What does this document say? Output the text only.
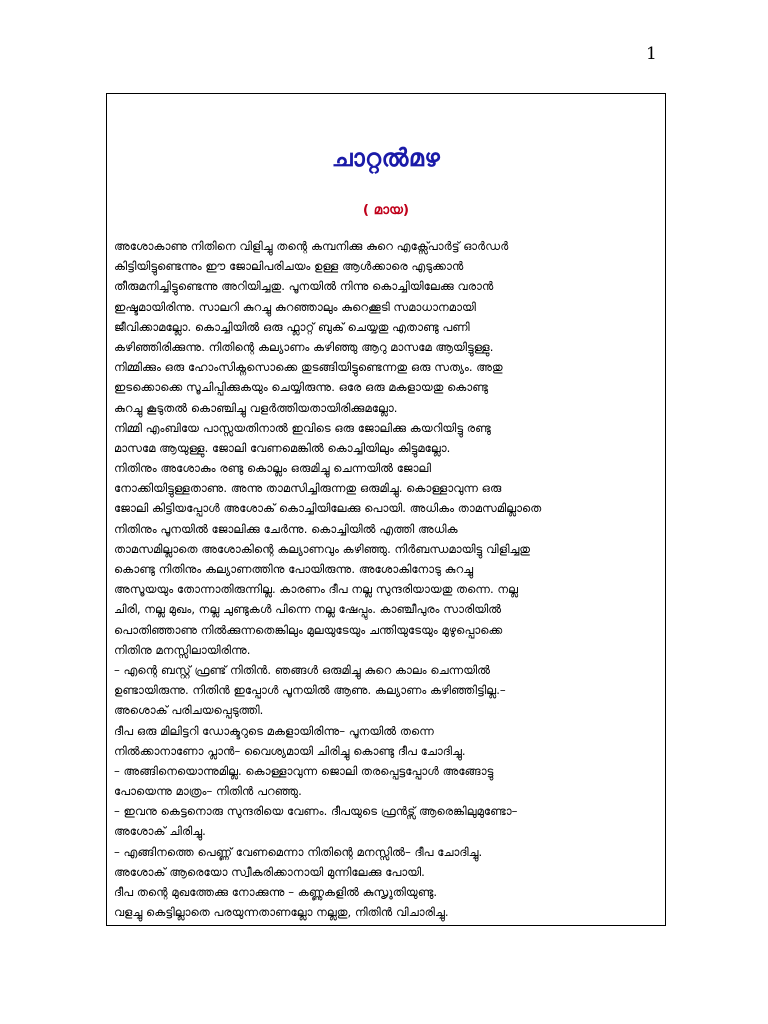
1
ചാറ്റൽമഴ
( മായ)
അശോകാണു നിതിനെ വിളിച്ചു തന്റെ കമ്പനിക്കു കുറെ എക്സ്പോർട്ട് ഓർഡർ
കിട്ടിയിട്ടുണ്ടെന്നും ഈ ജോലിപരിചയം ഉള്ള ആൾക്കാരെ എടുക്കാൻ
തീരുമനിച്ചിട്ടുണ്ടെന്നു അറിയിച്ചതു. പൂനയിൽ നിന്നു കൊച്ചിയിലേക്കു വരാൻ
ഇഷ്ടമായിരിന്നു. സാലറി കുറച്ചു കുറഞ്ഞാലും കുറെക്കൂടി സമാധാനമായി
ജീവിക്കാമല്ലോ. കൊച്ചിയിൽ ഒരു ഫ്ലാറ്റ് ബുക് ചെയ്യതു എതാണ്ടു പണി
കഴിഞ്ഞിരിക്കുന്നു. നിതിന്റെ കല്യാണം കഴിഞ്ഞു ആറു മാസമേ ആയിട്ടുള്ളു.
നിമ്മിക്കും ഒരു ഹോംസിക്നസൊക്കെ തുടങ്ങിയിട്ടുണ്ടെന്നതു ഒരു സത്യം. അതു
ഇടക്കൊക്കെ സൂചിപ്പിക്കുകയും ചെയ്യിരുന്നു. ഒരേ ഒരു മകളായതു കൊണ്ടു
കുറച്ചു കൂടുതൽ കൊഞ്ചിച്ചു വളർത്തിയതായിരിക്കുമല്ലോ.
നിമ്മി എംബിയേ പാസ്സയതിനാൽ ഇവിടെ ഒരു ജോലിക്കു കയറിയിട്ടു രണ്ടു
മാസമേ ആയുള്ളു. ജോലി വേണമെങ്കിൽ കൊച്ചിയിലും കിട്ടുമല്ലോ.
നിതിനും അശോകും രണ്ടു കൊല്ലം ഒരുമിച്ചു ചെന്നയിൽ ജോലി
നോക്കിയിട്ടുള്ളതാണു. അന്നു താമസിച്ചിരുന്നതു ഒരുമിച്ചു. കൊള്ളാവുന്ന ഒരു
ജോലി കിട്ടിയപ്പോൾ അശോക് കൊച്ചിയിലേക്കു പൊയി. അധികം താമസമില്ലാതെ
നിതിനും പൂനയിൽ ജോലിക്കു ചേർന്നു. കൊച്ചിയിൽ എത്തി അധിക
താമസമില്ലാതെ അശോകിന്റെ കല്യാണവും കഴിഞ്ഞു. നിർബന്ധമായിട്ടു വിളിച്ചതു
കൊണ്ടു നിതിനും കല്യാണത്തിനു പോയിരുന്നു. അശോകിനോടു കുറച്ചു
അസൂയയും തോന്നാതിരുന്നില്ല. കാരണം ദീപ നല്ല സുന്ദരിയായതു തന്നെ. നല്ല
ചിരി, നല്ല മുഖം, നല്ല ചുണ്ടുകൾ പിന്നെ നല്ല ഷേപ്പും. കാഞ്ചീപുരം സാരിയിൽ
പൊതിഞ്ഞാണു നിൽക്കുന്നതെങ്കിലും മുലയുടേയും ചന്തിയുടേയും മുഴുപ്പൊക്കെ
നിതിനു മനസ്സിലായിരിന്നു.
– എന്റെ ബസ്റ്റ് ഫ്രണ്ട് നിതിൻ. ഞങ്ങൾ ഒരുമിച്ചു കുറെ കാലം ചെന്നയിൽ
ഉണ്ടായിരുന്നു. നിതിൻ ഇപ്പോൾ പൂനയിൽ ആണു. കല്യാണം കഴിഞ്ഞിട്ടില്ല.–
അശൊക് പരിചയപ്പെടുത്തി.
ദീപ ഒരു മിലിട്ടറി ഡോക്ടറുടെ മകളായിരിന്നു– പൂനയിൽ തന്നെ
നിൽക്കാനാണോ പ്ലാൻ– വൈശ്യമായി ചിരിച്ചു കൊണ്ടു ദീപ ചോദിച്ചു.
– അങ്ങിനെയൊന്നുമില്ല. കൊള്ളാവുന്ന ജൊലി തരപ്പെട്ടപ്പോൾ അങ്ങോട്ടു
പോയെന്നു മാത്രം– നിതിൻ പറഞ്ഞു.
– ഇവനു കെട്ടനൊരു സുന്ദരിയെ വേണം. ദീപയുടെ ഫ്രൻട്സ് ആരെങ്കിലുമുണ്ടോ–
അശോക് ചിരിച്ചു.
– എങ്ങിനത്തെ പെണ്ണ് വേണമെന്നാ നിതിന്റെ മനസ്സിൽ– ദീപ ചോദിച്ചു.
അശോക് ആരെയോ സ്വീകരിക്കാനായി മുന്നിലേക്കു പോയി.
ദീപ തന്റെ മുഖത്തേക്കു നോക്കുന്നു – കണ്ണുകളിൽ കുസൃുതിയുണ്ടു.
വളച്ചു കെട്ടില്ലാതെ പരയുന്നതാണല്ലോ നല്ലതു, നിതിൻ വിചാരിച്ചു.
